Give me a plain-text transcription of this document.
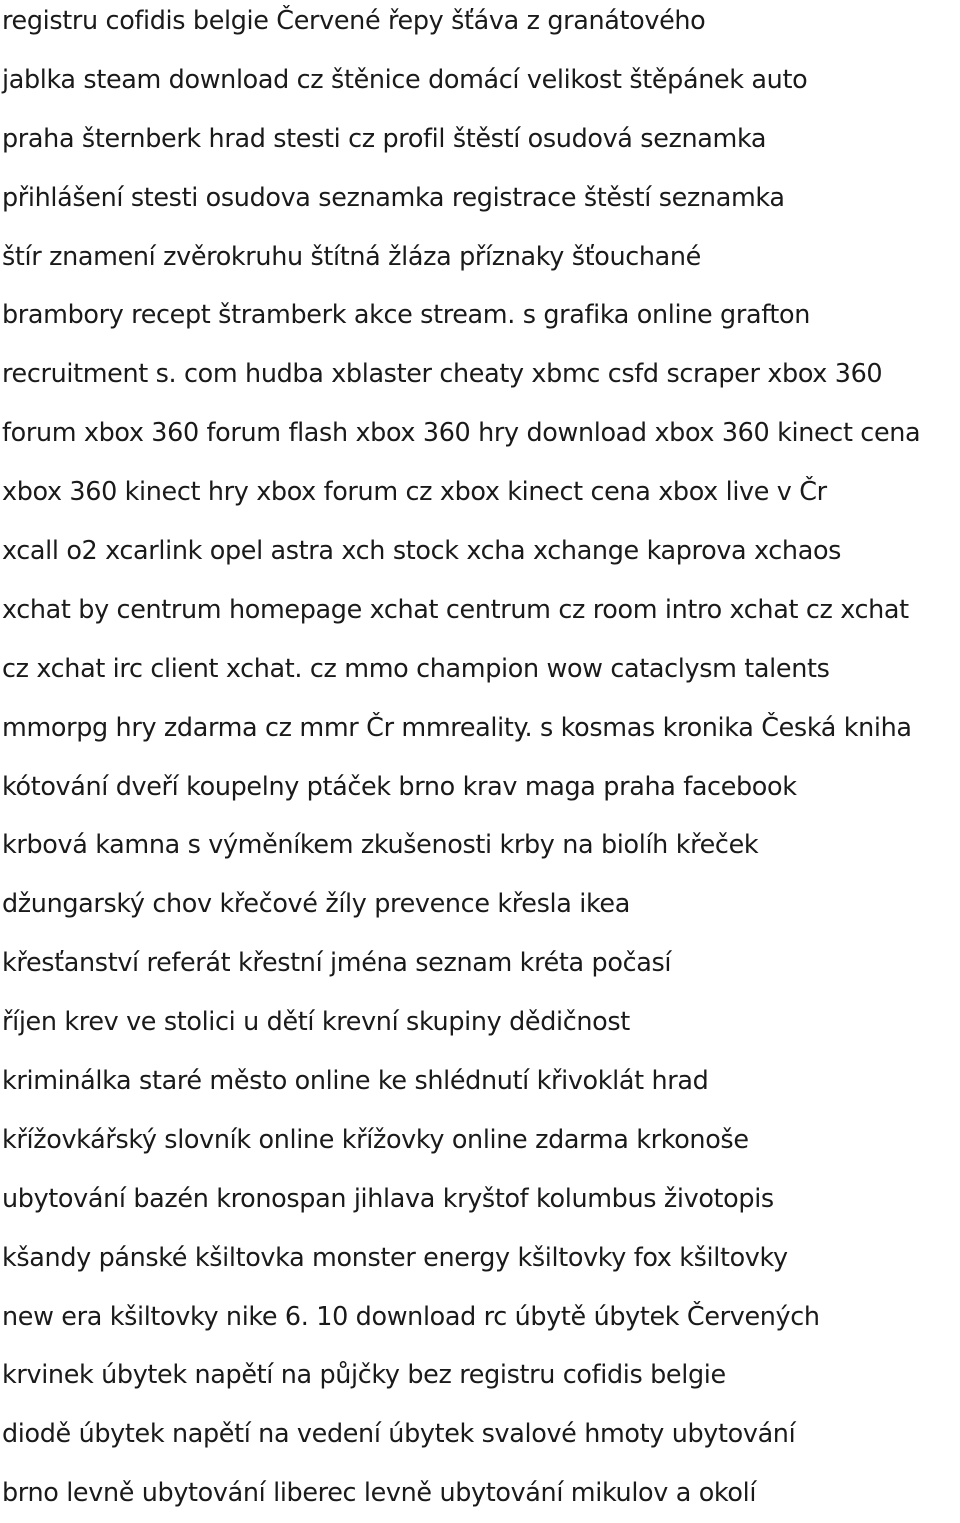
registru cofidis belgie Červené řepy šťáva z granátového
jablka steam download cz štěnice domácí velikost štěpánek auto
praha šternberk hrad stesti cz profil štěstí osudová seznamka
přihlášení stesti osudova seznamka registrace štěstí seznamka
štír znamení zvěrokruhu štítná žláza příznaky šťouchané
brambory recept štramberk akce stream. s grafika online grafton
recruitment s. com hudba xblaster cheaty xbmc csfd scraper xbox 360
forum xbox 360 forum flash xbox 360 hry download xbox 360 kinect cena
xbox 360 kinect hry xbox forum cz xbox kinect cena xbox live v Čr
xcall o2 xcarlink opel astra xch stock xcha xchange kaprova xchaos
xchat by centrum homepage xchat centrum cz room intro xchat cz xchat
cz xchat irc client xchat. cz mmo champion wow cataclysm talents
mmorpg hry zdarma cz mmr Čr mmreality. s kosmas kronika Česká kniha
kótování dveří koupelny ptáček brno krav maga praha facebook
krbová kamna s výměníkem zkušenosti krby na biolíh křeček
džungarský chov křečové žíly prevence křesla ikea
křesťanství referát křestní jména seznam kréta počasí
říjen krev ve stolici u dětí krevní skupiny dědičnost
kriminálka staré město online ke shlédnutí křivoklát hrad
křížovkářský slovník online křížovky online zdarma krkonoše
ubytování bazén kronospan jihlava kryštof kolumbus životopis
kšandy pánské kšiltovka monster energy kšiltovky fox kšiltovky
new era kšiltovky nike 6. 10 download rc úbytě úbytek Červených
krvinek úbytek napětí na půjčky bez registru cofidis belgie
diodě úbytek napětí na vedení úbytek svalové hmoty ubytování
brno levně ubytování liberec levně ubytování mikulov a okolí
